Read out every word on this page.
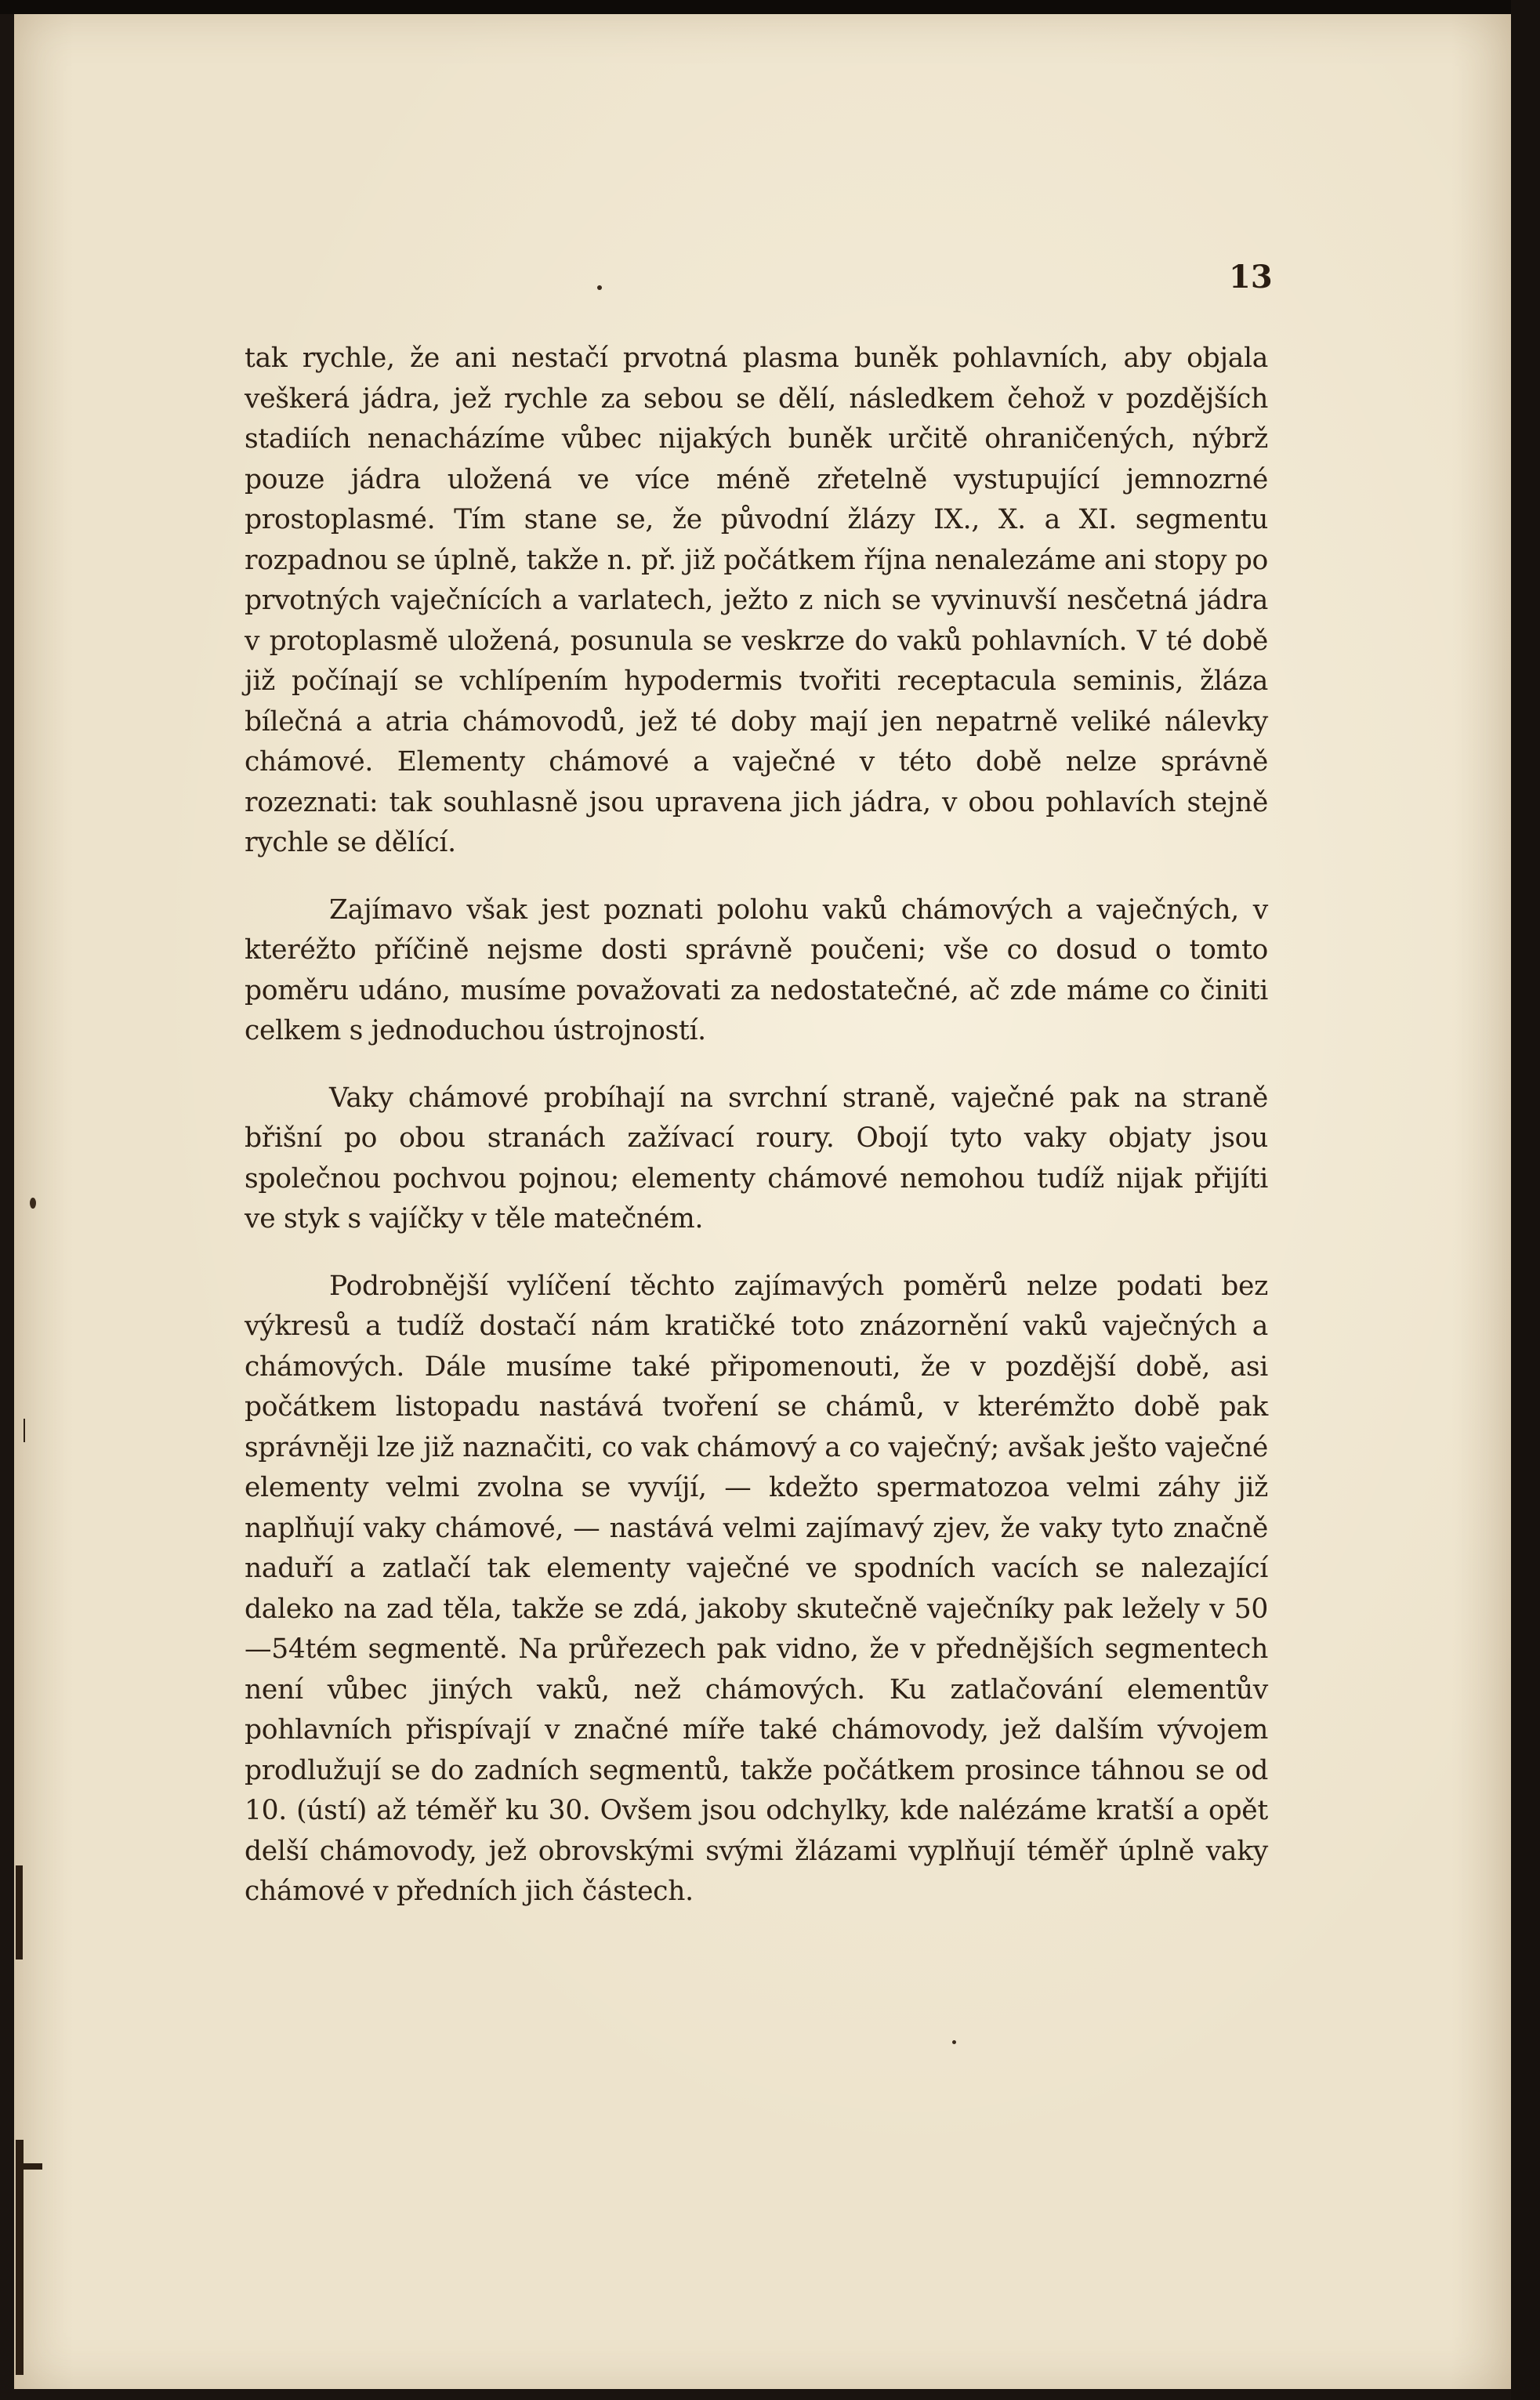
13

tak rychle, že ani nestačí prvotná plasma buněk pohlavních, aby objala veškerá jádra, jež rychle za sebou se dělí, následkem čehož v pozdějších stadiích nenacházíme vůbec nijakých buněk určitě ohraničených, nýbrž pouze jádra uložená ve více méně zřetelně vystupující jemnozrné prostoplasmé. Tím stane se, že původní žlázy IX., X. a XI. segmentu rozpadnou se úplně, takže n. př. již počátkem října nenalezáme ani stopy po prvotných vaječnících a varlatech, ježto z nich se vyvinuvší nesčetná jádra v protoplasmě uložená, posunula se veskrze do vaků pohlavních. V té době již počínají se vchlípením hypodermis tvořiti receptacula seminis, žláza bílečná a atria chámovodů, jež té doby mají jen nepatrně veliké nálevky chámové. Elementy chámové a vaječné v této době nelze správně rozeznati: tak souhlasně jsou upravena jich jádra, v obou pohlavích stejně rychle se dělící.

Zajímavo však jest poznati polohu vaků chámových a vaječných, v kteréžto příčině nejsme dosti správně poučeni; vše co dosud o tomto poměru udáno, musíme považovati za nedostatečné, ač zde máme co činiti celkem s jednoduchou ústrojností.

Vaky chámové probíhají na svrchní straně, vaječné pak na straně břišní po obou stranách zažívací roury. Obojí tyto vaky objaty jsou společnou pochvou pojnou; elementy chámové nemohou tudíž nijak přijíti ve styk s vajíčky v těle matečném.

Podrobnější vylíčení těchto zajímavých poměrů nelze podati bez výkresů a tudíž dostačí nám kratičké toto znázornění vaků vaječných a chámových. Dále musíme také připomenouti, že v pozdější době, asi počátkem listopadu nastává tvoření se chámů, v kterémžto době pak správněji lze již naznačiti, co vak chámový a co vaječný; avšak ješto vaječné elementy velmi zvolna se vyvíjí, — kdežto spermatozoa velmi záhy již naplňují vaky chámové, — nastává velmi zajímavý zjev, že vaky tyto značně naduří a zatlačí tak elementy vaječné ve spodních vacích se nalezající daleko na zad těla, takže se zdá, jakoby skutečně vaječníky pak ležely v 50—54tém segmentě. Na průřezech pak vidno, že v přednějších segmentech není vůbec jiných vaků, než chámových. Ku zatlačování elementův pohlavních přispívají v značné míře také chámovody, jež dalším vývojem prodlužují se do zadních segmentů, takže počátkem prosince táhnou se od 10. (ústí) až téměř ku 30. Ovšem jsou odchylky, kde nalézáme kratší a opět delší chámovody, jež obrovskými svými žlázami vyplňují téměř úplně vaky chámové v předních jich částech.
